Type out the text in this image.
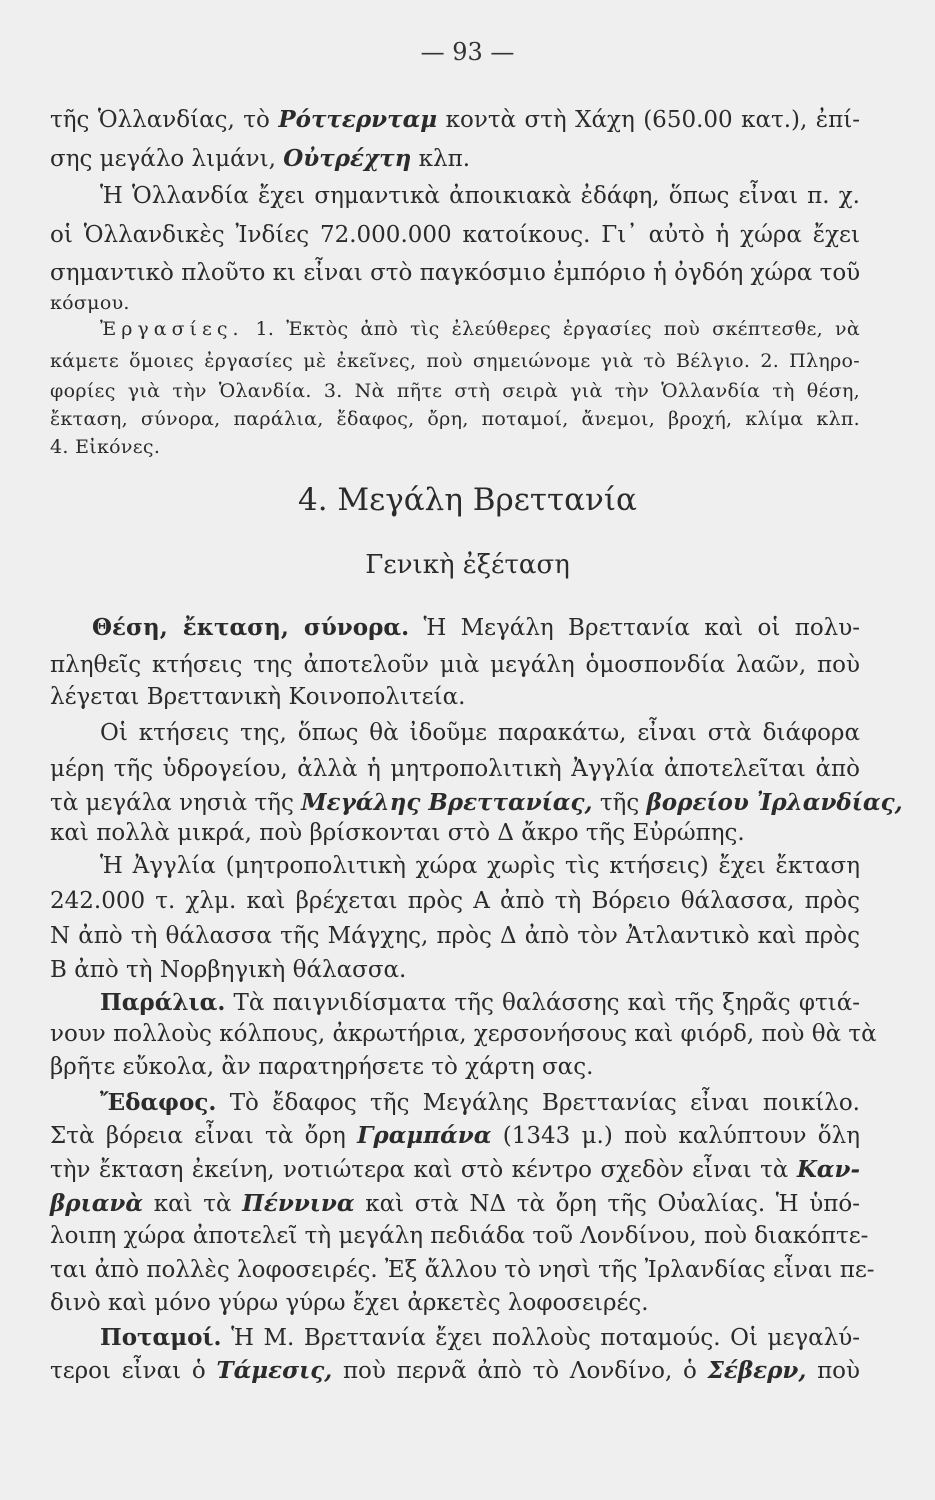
— 93 —
τῆς Ὁλλανδίας, τὸ Ρόττερνταμ κοντὰ στὴ Χάχη (650.00 κατ.), ἐπί-
σης μεγάλο λιμάνι, Οὐτρέχτη κλπ.
Ἡ Ὁλλανδία ἔχει σημαντικὰ ἀποικιακὰ ἐδάφη, ὅπως εἶναι π. χ.
οἱ Ὁλλανδικὲς Ἰνδίες 72.000.000 κατοίκους. Γι᾿ αὐτὸ ἡ χώρα ἔχει
σημαντικὸ πλοῦτο κι εἶναι στὸ παγκόσμιο ἐμπόριο ἡ ὀγδόη χώρα τοῦ
κόσμου.
Ἐργασίες. 1. Ἐκτὸς ἀπὸ τὶς ἐλεύθερες ἐργασίες ποὺ σκέπτεσθε, νὰ
κάμετε ὅμοιες ἐργασίες μὲ ἐκεῖνες, ποὺ σημειώνομε γιὰ τὸ Βέλγιο. 2. Πληρο-
φορίες γιὰ τὴν Ὁλανδία. 3. Νὰ πῆτε στὴ σειρὰ γιὰ τὴν Ὁλλανδία τὴ θέση,
ἔκταση, σύνορα, παράλια, ἔδαφος, ὄρη, ποταμοί, ἄνεμοι, βροχή, κλίμα κλπ.
4. Εἰκόνες.
4. Μεγάλη Βρεττανία
Γενικὴ ἐξέταση
Θέση, ἔκταση, σύνορα. Ἡ Μεγάλη Βρεττανία καὶ οἱ πολυ-
πληθεῖς κτήσεις της ἀποτελοῦν μιὰ μεγάλη ὁμοσπονδία λαῶν, ποὺ
λέγεται Βρεττανικὴ Κοινοπολιτεία.
Οἱ κτήσεις της, ὅπως θὰ ἰδοῦμε παρακάτω, εἶναι στὰ διάφορα
μέρη τῆς ὑδρογείου, ἀλλὰ ἡ μητροπολιτικὴ Ἀγγλία ἀποτελεῖται ἀπὸ
τὰ μεγάλα νησιὰ τῆς Μεγάλης Βρεττανίας, τῆς βορείου Ἰρλανδίας,
καὶ πολλὰ μικρά, ποὺ βρίσκονται στὸ Δ ἄκρο τῆς Εὐρώπης.
Ἡ Ἀγγλία (μητροπολιτικὴ χώρα χωρὶς τὶς κτήσεις) ἔχει ἔκταση
242.000 τ. χλμ. καὶ βρέχεται πρὸς Α ἀπὸ τὴ Βόρειο θάλασσα, πρὸς
Ν ἀπὸ τὴ θάλασσα τῆς Μάγχης, πρὸς Δ ἀπὸ τὸν Ἀτλαντικὸ καὶ πρὸς
Β ἀπὸ τὴ Νορβηγικὴ θάλασσα.
Παράλια. Τὰ παιγνιδίσματα τῆς θαλάσσης καὶ τῆς ξηρᾶς φτιά-
νουν πολλοὺς κόλπους, ἀκρωτήρια, χερσονήσους καὶ φιόρδ, ποὺ θὰ τὰ
βρῆτε εὔκολα, ἂν παρατηρήσετε τὸ χάρτη σας.
Ἔδαφος. Τὸ ἔδαφος τῆς Μεγάλης Βρεττανίας εἶναι ποικίλο.
Στὰ βόρεια εἶναι τὰ ὄρη Γραμπάνα (1343 μ.) ποὺ καλύπτουν ὅλη
τὴν ἔκταση ἐκείνη, νοτιώτερα καὶ στὸ κέντρο σχεδὸν εἶναι τὰ Καν-
βριανὰ καὶ τὰ Πέννινα καὶ στὰ ΝΔ τὰ ὄρη τῆς Οὐαλίας. Ἡ ὑπό-
λοιπη χώρα ἀποτελεῖ τὴ μεγάλη πεδιάδα τοῦ Λονδίνου, ποὺ διακόπτε-
ται ἀπὸ πολλὲς λοφοσειρές. Ἐξ ἄλλου τὸ νησὶ τῆς Ἰρλανδίας εἶναι πε-
δινὸ καὶ μόνο γύρω γύρω ἔχει ἀρκετὲς λοφοσειρές.
Ποταμοί. Ἡ Μ. Βρεττανία ἔχει πολλοὺς ποταμούς. Οἱ μεγαλύ-
τεροι εἶναι ὁ Τάμεσις, ποὺ περνᾶ ἀπὸ τὸ Λονδίνο, ὁ Σέβερν, ποὺ
